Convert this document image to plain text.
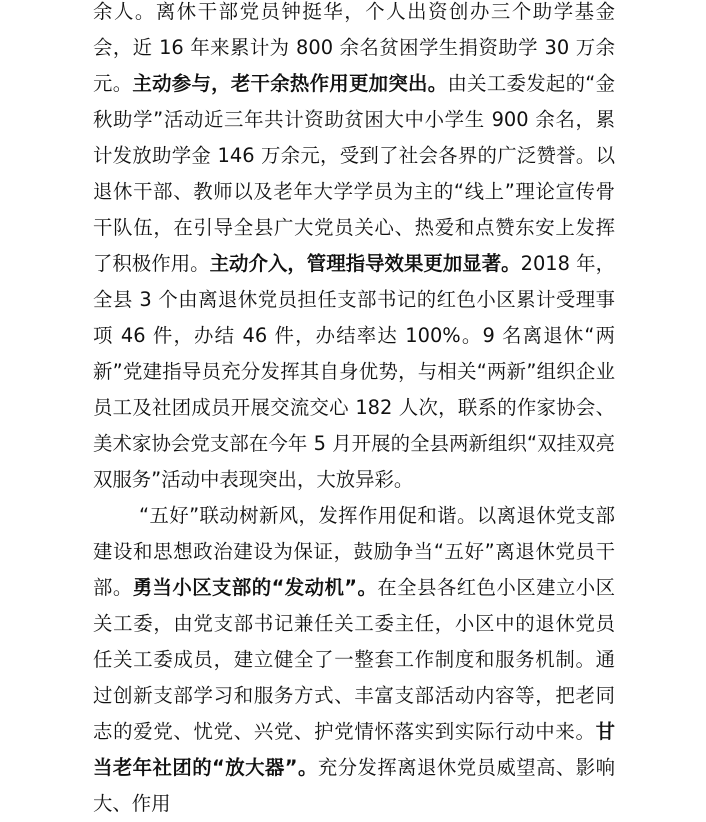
余人。离休干部党员钟挺华，个人出资创办三个助学基金会，近 16 年来累计为 800 余名贫困学生捐资助学 30 万余元。主动参与，老干余热作用更加突出。由关工委发起的“金秋助学”活动近三年共计资助贫困大中小学生 900 余名，累计发放助学金 146 万余元，受到了社会各界的广泛赞誉。以退休干部、教师以及老年大学学员为主的“线上”理论宣传骨干队伍，在引导全县广大党员关心、热爱和点赞东安上发挥了积极作用。主动介入，管理指导效果更加显著。2018 年，全县 3 个由离退休党员担任支部书记的红色小区累计受理事项 46 件，办结 46 件，办结率达 100%。9 名离退休“两新”党建指导员充分发挥其自身优势，与相关“两新”组织企业员工及社团成员开展交流交心 182 人次，联系的作家协会、美术家协会党支部在今年 5 月开展的全县两新组织“双挂双亮双服务”活动中表现突出，大放异彩。

“五好”联动树新风，发挥作用促和谐。以离退休党支部建设和思想政治建设为保证，鼓励争当“五好”离退休党员干部。勇当小区支部的“发动机”。在全县各红色小区建立小区关工委，由党支部书记兼任关工委主任，小区中的退休党员任关工委成员，建立健全了一整套工作制度和服务机制。通过创新支部学习和服务方式、丰富支部活动内容等，把老同志的爱党、忧党、兴党、护党情怀落实到实际行动中来。甘当老年社团的“放大器”。充分发挥离退休党员威望高、影响大、作用
